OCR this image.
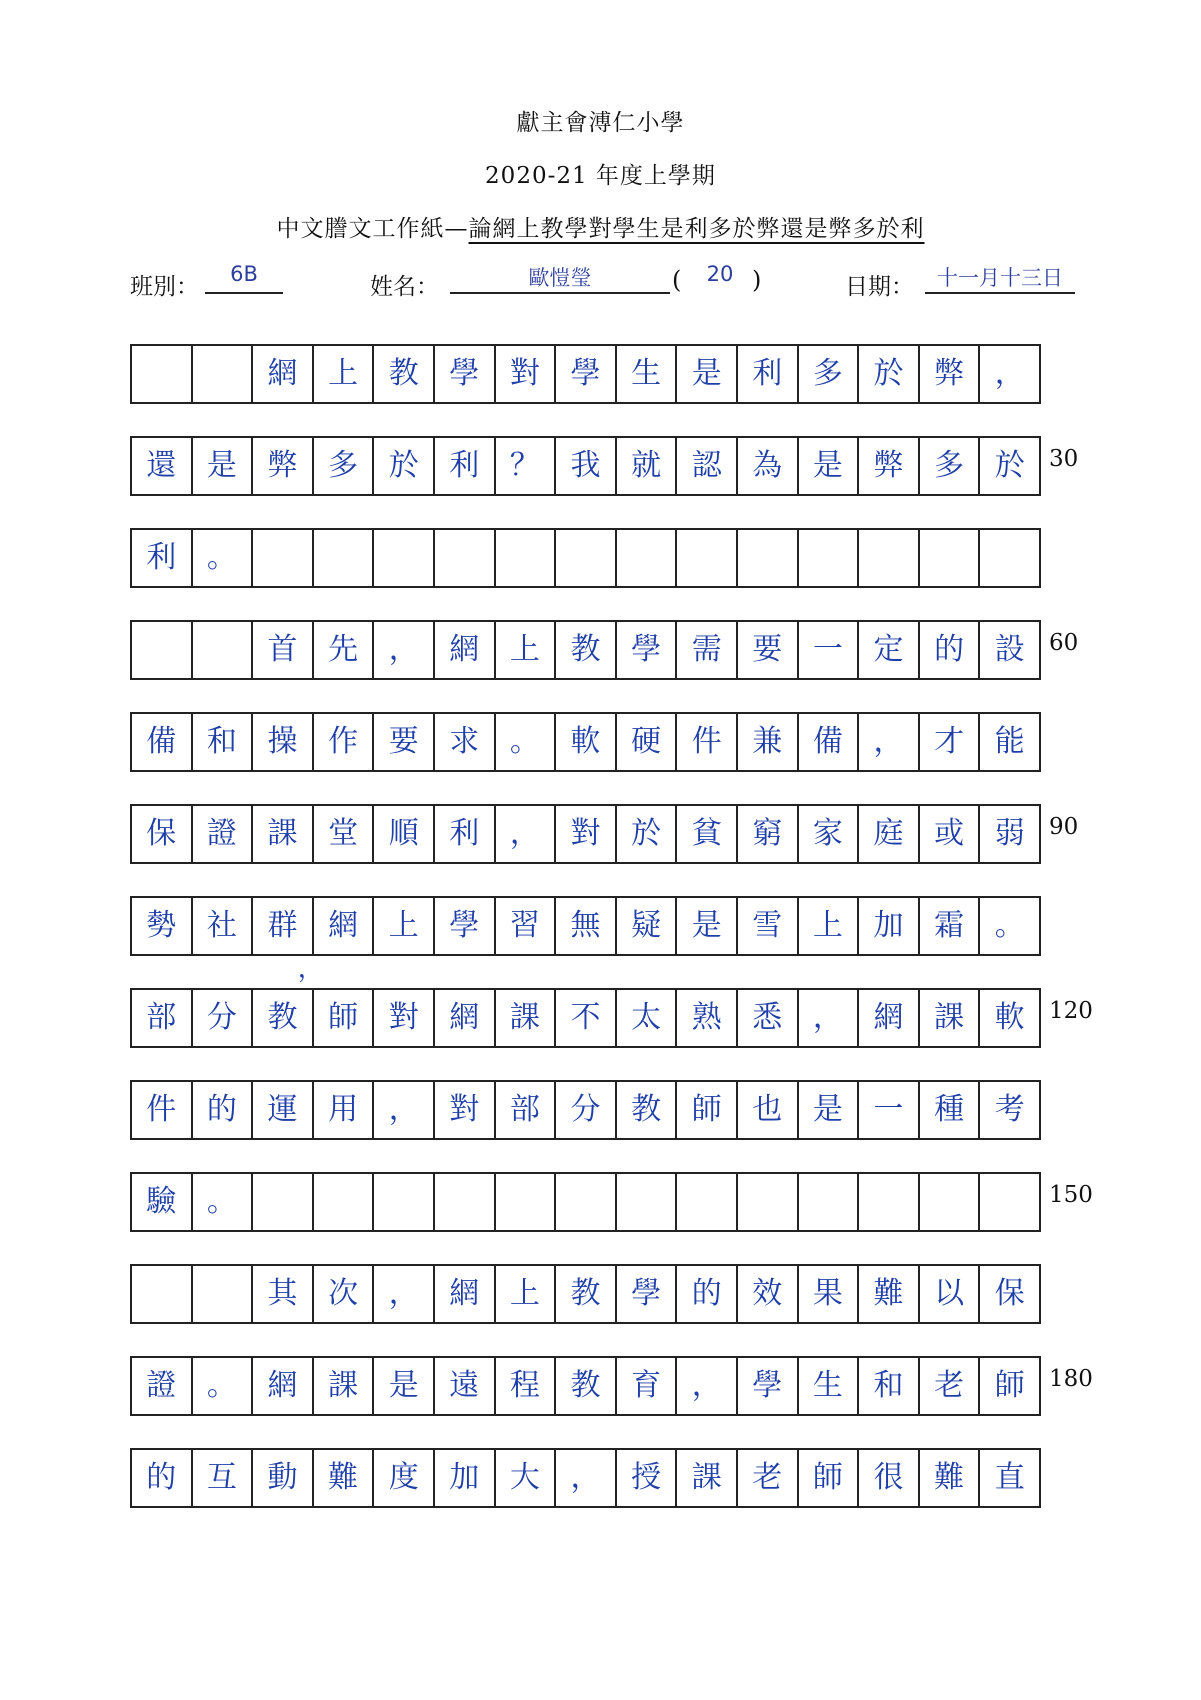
獻主會溥仁小學
2020-21 年度上學期
中文謄文工作紙—論網上教學對學生是利多於弊還是弊多於利
班別：	6B	姓名：	歐愷瑩	(	20 )	日期：	十一月十三日
網	上	教	學	對	學	生	是	利	多	於	弊	，
還	是	弊	多	於	利	？	我	就	認	為	是	弊	多	於
利	。
首	先	，	網	上	教	學	需	要	一	定	的	設
備	和	操	作	要	求	。	軟	硬	件	兼	備	，	才	能
保	證	課	堂	順	利	，	對	於	貧	窮	家	庭	或	弱
勢	社	群	網	上	學	習	無	疑	是	雪	上	加	霜	。
部	分	教	師	對	網	課	不	太	熟	悉	，	網	課	軟
件	的	運	用	，	對	部	分	教	師	也	是	一	種	考
驗	。
其	次	，	網	上	教	學	的	效	果	難	以	保
證	。	網	課	是	遠	程	教	育	，	學	生	和	老	師
的	互	動	難	度	加	大	，	授	課	老	師	很	難	直
30
60
90
120
150
180
，
